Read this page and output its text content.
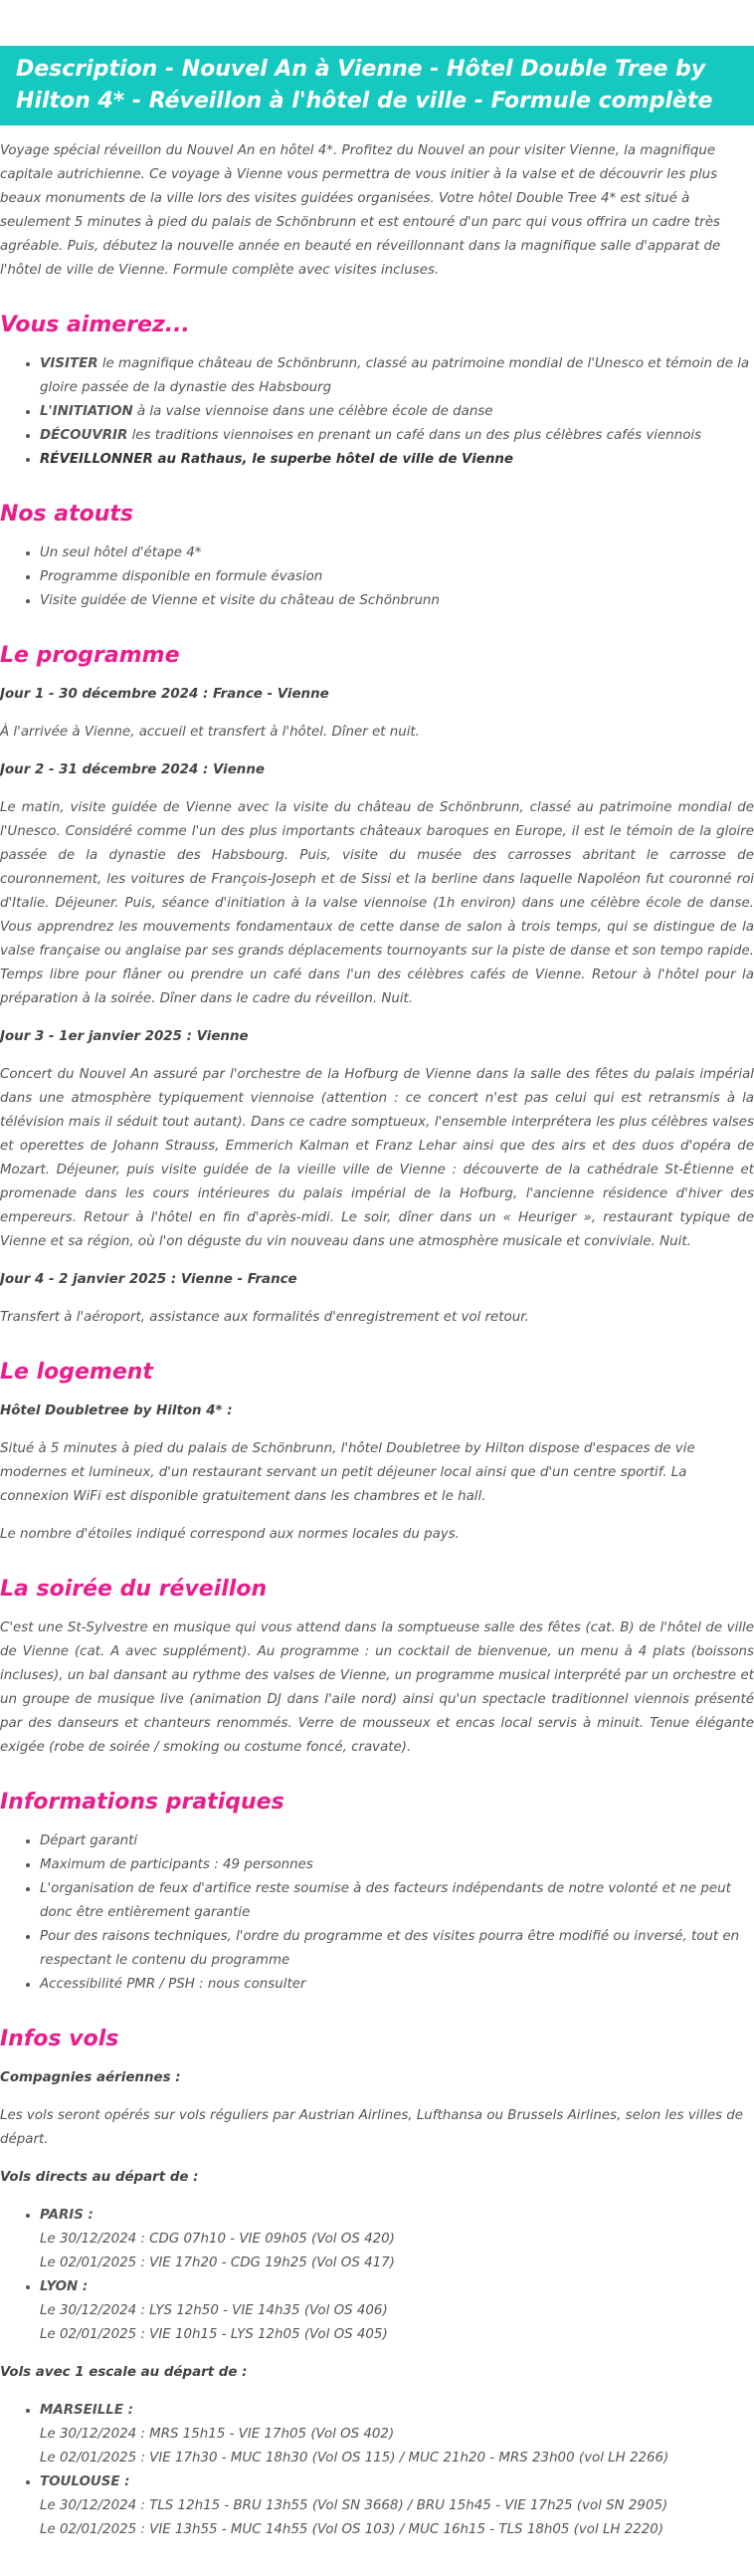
Description - Nouvel An à Vienne - Hôtel Double Tree by Hilton 4* - Réveillon à l'hôtel de ville - Formule complète

Voyage spécial réveillon du Nouvel An en hôtel 4*. Profitez du Nouvel an pour visiter Vienne, la magnifique capitale autrichienne. Ce voyage à Vienne vous permettra de vous initier à la valse et de découvrir les plus beaux monuments de la ville lors des visites guidées organisées. Votre hôtel Double Tree 4* est situé à seulement 5 minutes à pied du palais de Schönbrunn et est entouré d'un parc qui vous offrira un cadre très agréable. Puis, débutez la nouvelle année en beauté en réveillonnant dans la magnifique salle d'apparat de l'hôtel de ville de Vienne. Formule complète avec visites incluses.

Vous aimerez...
• VISITER le magnifique château de Schönbrunn, classé au patrimoine mondial de l'Unesco et témoin de la gloire passée de la dynastie des Habsbourg
• L'INITIATION à la valse viennoise dans une célèbre école de danse
• DÉCOUVRIR les traditions viennoises en prenant un café dans un des plus célèbres cafés viennois
• RÉVEILLONNER au Rathaus, le superbe hôtel de ville de Vienne
Nos atouts
• Un seul hôtel d'étape 4*
• Programme disponible en formule évasion
• Visite guidée de Vienne et visite du château de Schönbrunn
Le programme
Jour 1 - 30 décembre 2024 : France - Vienne

À l'arrivée à Vienne, accueil et transfert à l'hôtel. Dîner et nuit.

Jour 2 - 31 décembre 2024 : Vienne

Le matin, visite guidée de Vienne avec la visite du château de Schönbrunn, classé au patrimoine mondial de l'Unesco. Considéré comme l'un des plus importants châteaux baroques en Europe, il est le témoin de la gloire passée de la dynastie des Habsbourg. Puis, visite du musée des carrosses abritant le carrosse de couronnement, les voitures de François-Joseph et de Sissi et la berline dans laquelle Napoléon fut couronné roi d'Italie. Déjeuner. Puis, séance d'initiation à la valse viennoise (1h environ) dans une célèbre école de danse. Vous apprendrez les mouvements fondamentaux de cette danse de salon à trois temps, qui se distingue de la valse française ou anglaise par ses grands déplacements tournoyants sur la piste de danse et son tempo rapide. Temps libre pour flâner ou prendre un café dans l'un des célèbres cafés de Vienne. Retour à l'hôtel pour la préparation à la soirée. Dîner dans le cadre du réveillon. Nuit.

Jour 3 - 1er janvier 2025 : Vienne

Concert du Nouvel An assuré par l'orchestre de la Hofburg de Vienne dans la salle des fêtes du palais impérial dans une atmosphère typiquement viennoise (attention : ce concert n'est pas celui qui est retransmis à la télévision mais il séduit tout autant). Dans ce cadre somptueux, l'ensemble interprétera les plus célèbres valses et operettes de Johann Strauss, Emmerich Kalman et Franz Lehar ainsi que des airs et des duos d'opéra de Mozart. Déjeuner, puis visite guidée de la vieille ville de Vienne : découverte de la cathédrale St-Étienne et promenade dans les cours intérieures du palais impérial de la Hofburg, l'ancienne résidence d'hiver des empereurs. Retour à l'hôtel en fin d'après-midi. Le soir, dîner dans un « Heuriger », restaurant typique de Vienne et sa région, où l'on déguste du vin nouveau dans une atmosphère musicale et conviviale. Nuit.

Jour 4 - 2 janvier 2025 : Vienne - France

Transfert à l'aéroport, assistance aux formalités d'enregistrement et vol retour.

Le logement
Hôtel Doubletree by Hilton 4* :

Situé à 5 minutes à pied du palais de Schönbrunn, l'hôtel Doubletree by Hilton dispose d'espaces de vie modernes et lumineux, d'un restaurant servant un petit déjeuner local ainsi que d'un centre sportif. La connexion WiFi est disponible gratuitement dans les chambres et le hall.

Le nombre d'étoiles indiqué correspond aux normes locales du pays.

La soirée du réveillon

C'est une St-Sylvestre en musique qui vous attend dans la somptueuse salle des fêtes (cat. B) de l'hôtel de ville de Vienne (cat. A avec supplément). Au programme : un cocktail de bienvenue, un menu à 4 plats (boissons incluses), un bal dansant au rythme des valses de Vienne, un programme musical interprété par un orchestre et un groupe de musique live (animation DJ dans l'aile nord) ainsi qu'un spectacle traditionnel viennois présenté par des danseurs et chanteurs renommés. Verre de mousseux et encas local servis à minuit. Tenue élégante exigée (robe de soirée / smoking ou costume foncé, cravate).

Informations pratiques
• Départ garanti
• Maximum de participants : 49 personnes
• L'organisation de feux d'artifice reste soumise à des facteurs indépendants de notre volonté et ne peut donc être entièrement garantie
• Pour des raisons techniques, l'ordre du programme et des visites pourra être modifié ou inversé, tout en respectant le contenu du programme
• Accessibilité PMR / PSH : nous consulter
Infos vols
Compagnies aériennes :

Les vols seront opérés sur vols réguliers par Austrian Airlines, Lufthansa ou Brussels Airlines, selon les villes de départ.

Vols directs au départ de :
• PARIS :
Le 30/12/2024 : CDG 07h10 - VIE 09h05 (Vol OS 420)
Le 02/01/2025 : VIE 17h20 - CDG 19h25 (Vol OS 417)
• LYON :
Le 30/12/2024 : LYS 12h50 - VIE 14h35 (Vol OS 406)
Le 02/01/2025 : VIE 10h15 - LYS 12h05 (Vol OS 405)
Vols avec 1 escale au départ de :
• MARSEILLE :
Le 30/12/2024 : MRS 15h15 - VIE 17h05 (Vol OS 402)
Le 02/01/2025 : VIE 17h30 - MUC 18h30 (Vol OS 115) / MUC 21h20 - MRS 23h00 (vol LH 2266)
• TOULOUSE :
Le 30/12/2024 : TLS 12h15 - BRU 13h55 (Vol SN 3668) / BRU 15h45 - VIE 17h25 (vol SN 2905)
Le 02/01/2025 : VIE 13h55 - MUC 14h55 (Vol OS 103) / MUC 16h15 - TLS 18h05 (vol LH 2220)
